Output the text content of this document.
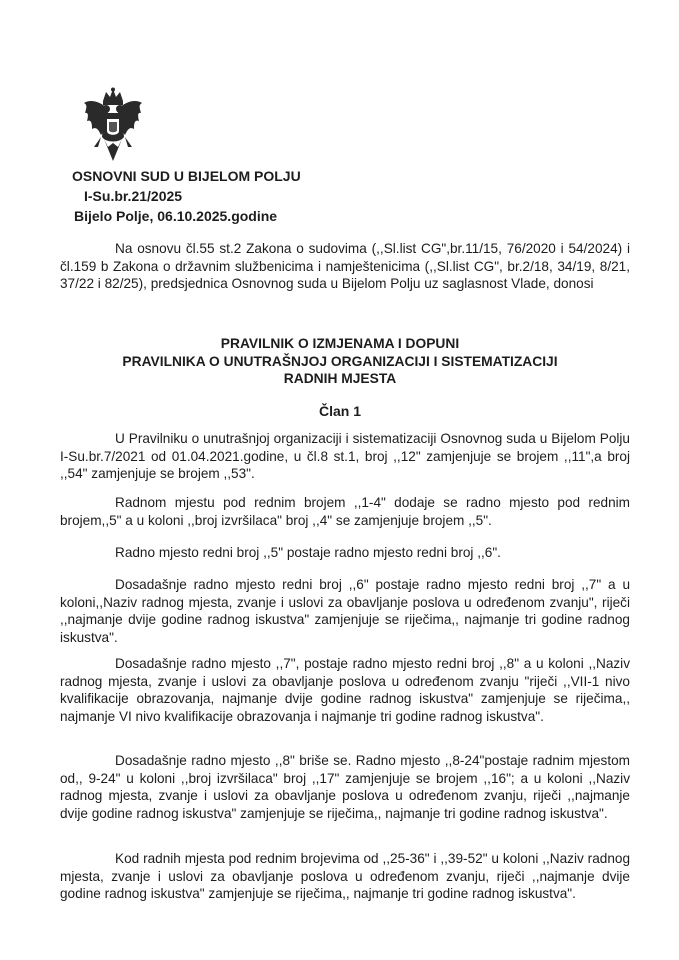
OSNOVNI SUD U BIJELOM POLJU
I-Su.br.21/2025
Bijelo Polje, 06.10.2025.godine

Na osnovu čl.55 st.2 Zakona o sudovima (,,Sl.list CG",br.11/15, 76/2020 i 54/2024) i čl.159 b Zakona o državnim službenicima i namještenicima (,,Sl.list CG", br.2/18, 34/19, 8/21, 37/22 i 82/25), predsjednica Osnovnog suda u Bijelom Polju uz saglasnost Vlade, donosi

PRAVILNIK O IZMJENAMA I DOPUNI
PRAVILNIKA O UNUTRAŠNJOJ ORGANIZACIJI I SISTEMATIZACIJI
RADNIH MJESTA
Član 1

U Pravilniku o unutrašnjoj organizaciji i sistematizaciji Osnovnog suda u Bijelom Polju I-Su.br.7/2021 od 01.04.2021.godine, u čl.8 st.1, broj ,,12" zamjenjuje se brojem ,,11",a broj ,,54" zamjenjuje se brojem ,,53".

Radnom mjestu pod rednim brojem ,,1-4" dodaje se radno mjesto pod rednim brojem,,5" a u koloni ,,broj izvršilaca" broj ,,4" se zamjenjuje brojem ,,5".

Radno mjesto redni broj ,,5" postaje radno mjesto redni broj ,,6".

Dosadašnje radno mjesto redni broj ,,6" postaje radno mjesto redni broj ,,7" a u koloni,,Naziv radnog mjesta, zvanje i uslovi za obavljanje poslova u određenom zvanju", riječi ,,najmanje dvije godine radnog iskustva" zamjenjuje se riječima,, najmanje tri godine radnog iskustva".

Dosadašnje radno mjesto ,,7", postaje radno mjesto redni broj ,,8" a u koloni ,,Naziv radnog mjesta, zvanje i uslovi za obavljanje poslova u određenom zvanju "riječi ,,VII-1 nivo kvalifikacije obrazovanja, najmanje dvije godine radnog iskustva" zamjenjuje se riječima,, najmanje VI nivo kvalifikacije obrazovanja i najmanje tri godine radnog iskustva".

Dosadašnje radno mjesto ,,8" briše se. Radno mjesto ,,8-24"postaje radnim mjestom od,, 9-24" u koloni ,,broj izvršilaca" broj ,,17" zamjenjuje se brojem ,,16"; a u koloni ,,Naziv radnog mjesta, zvanje i uslovi za obavljanje poslova u određenom zvanju, riječi ,,najmanje dvije godine radnog iskustva" zamjenjuje se riječima,, najmanje tri godine radnog iskustva".

Kod radnih mjesta pod rednim brojevima od ,,25-36" i ,,39-52" u koloni ,,Naziv radnog mjesta, zvanje i uslovi za obavljanje poslova u određenom zvanju, riječi ,,najmanje dvije godine radnog iskustva" zamjenjuje se riječima,, najmanje tri godine radnog iskustva".
